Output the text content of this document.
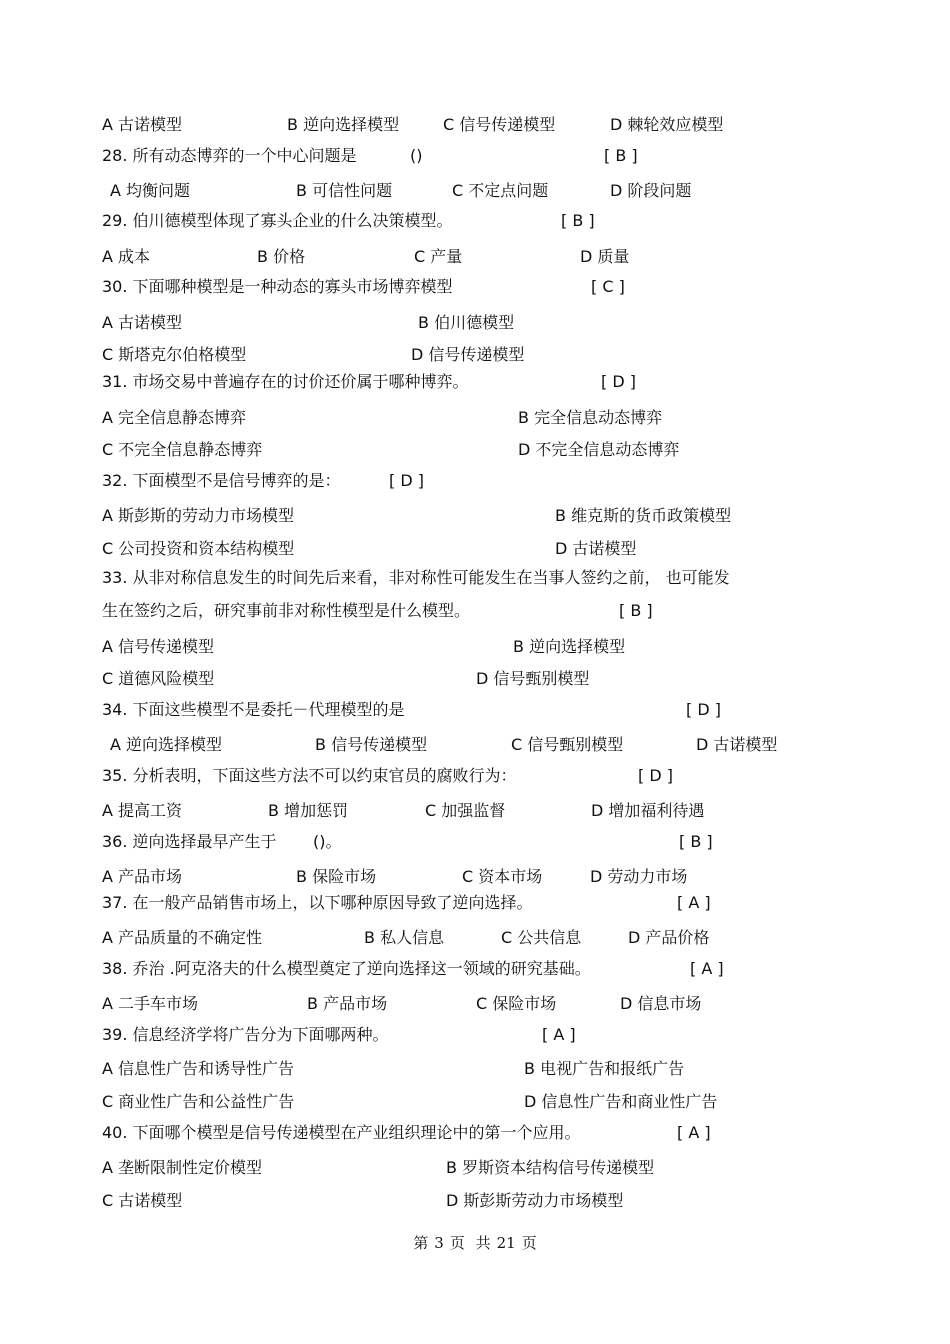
A 古诺模型	B 逆向选择模型	C 信号传递模型	D 棘轮效应模型
28. 所有动态博弈的一个中心问题是	()	[ B ]
A 均衡问题	B 可信性问题	C 不定点问题	D 阶段问题
29. 伯川德模型体现了寡头企业的什么决策模型。	[ B ]
A 成本	B 价格	C 产量	D 质量
30. 下面哪种模型是一种动态的寡头市场博弈模型	[ C ]
A 古诺模型	B 伯川德模型
C 斯塔克尔伯格模型	D 信号传递模型
31. 市场交易中普遍存在的讨价还价属于哪种博弈。	[ D ]
A 完全信息静态博弈	B 完全信息动态博弈
C 不完全信息静态博弈	D 不完全信息动态博弈
32. 下面模型不是信号博弈的是：	[ D ]
A 斯彭斯的劳动力市场模型	B 维克斯的货币政策模型
C 公司投资和资本结构模型	D 古诺模型
33. 从非对称信息发生的时间先后来看，非对称性可能发生在当事人签约之前， 也可能发
生在签约之后，研究事前非对称性模型是什么模型。	[ B ]
A 信号传递模型	B 逆向选择模型
C 道德风险模型	D 信号甄别模型
34. 下面这些模型不是委托－代理模型的是	[ D ]
A 逆向选择模型	B 信号传递模型	C 信号甄别模型	D 古诺模型
35. 分析表明，下面这些方法不可以约束官员的腐败行为：	[ D ]
A 提高工资	B 增加惩罚	C 加强监督	D 增加福利待遇
36. 逆向选择最早产生于 ()。	[ B ]
A 产品市场	B 保险市场	C 资本市场	D 劳动力市场
37. 在一般产品销售市场上，以下哪种原因导致了逆向选择。	[ A ]
A 产品质量的不确定性	B 私人信息	C 公共信息	D 产品价格
38. 乔治 .阿克洛夫的什么模型奠定了逆向选择这一领域的研究基础。	[ A ]
A 二手车市场	B 产品市场	C 保险市场	D 信息市场
39. 信息经济学将广告分为下面哪两种。	[ A ]
A 信息性广告和诱导性广告	B 电视广告和报纸广告
C 商业性广告和公益性广告	D 信息性广告和商业性广告
40. 下面哪个模型是信号传递模型在产业组织理论中的第一个应用。	[ A ]
A 垄断限制性定价模型	B 罗斯资本结构信号传递模型
C 古诺模型	D 斯彭斯劳动力市场模型
第 3 页 共 21 页
